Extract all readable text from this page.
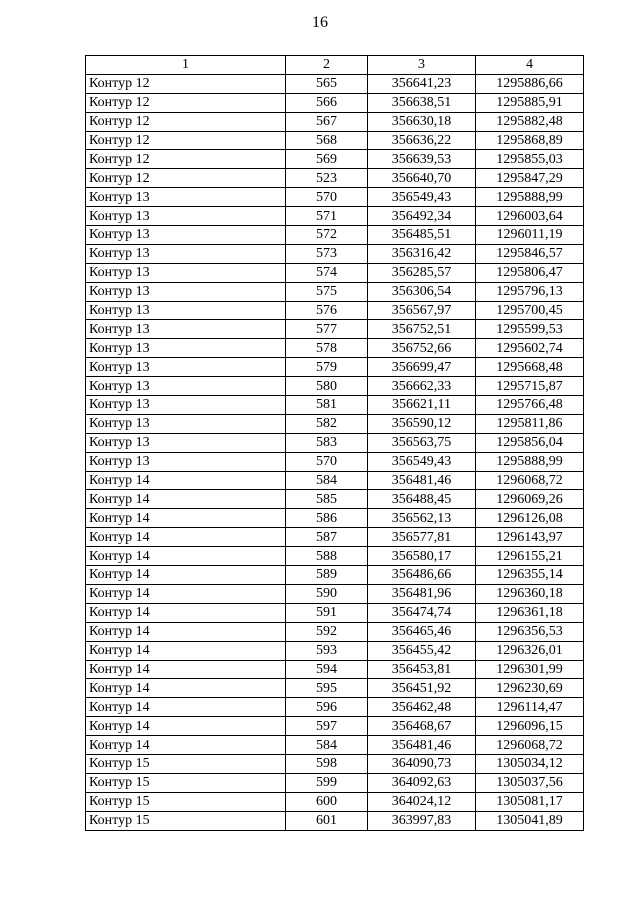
16
1	2	3	4
Контур 12	565	356641,23	1295886,66
Контур 12	566	356638,51	1295885,91
Контур 12	567	356630,18	1295882,48
Контур 12	568	356636,22	1295868,89
Контур 12	569	356639,53	1295855,03
Контур 12	523	356640,70	1295847,29
Контур 13	570	356549,43	1295888,99
Контур 13	571	356492,34	1296003,64
Контур 13	572	356485,51	1296011,19
Контур 13	573	356316,42	1295846,57
Контур 13	574	356285,57	1295806,47
Контур 13	575	356306,54	1295796,13
Контур 13	576	356567,97	1295700,45
Контур 13	577	356752,51	1295599,53
Контур 13	578	356752,66	1295602,74
Контур 13	579	356699,47	1295668,48
Контур 13	580	356662,33	1295715,87
Контур 13	581	356621,11	1295766,48
Контур 13	582	356590,12	1295811,86
Контур 13	583	356563,75	1295856,04
Контур 13	570	356549,43	1295888,99
Контур 14	584	356481,46	1296068,72
Контур 14	585	356488,45	1296069,26
Контур 14	586	356562,13	1296126,08
Контур 14	587	356577,81	1296143,97
Контур 14	588	356580,17	1296155,21
Контур 14	589	356486,66	1296355,14
Контур 14	590	356481,96	1296360,18
Контур 14	591	356474,74	1296361,18
Контур 14	592	356465,46	1296356,53
Контур 14	593	356455,42	1296326,01
Контур 14	594	356453,81	1296301,99
Контур 14	595	356451,92	1296230,69
Контур 14	596	356462,48	1296114,47
Контур 14	597	356468,67	1296096,15
Контур 14	584	356481,46	1296068,72
Контур 15	598	364090,73	1305034,12
Контур 15	599	364092,63	1305037,56
Контур 15	600	364024,12	1305081,17
Контур 15	601	363997,83	1305041,89
